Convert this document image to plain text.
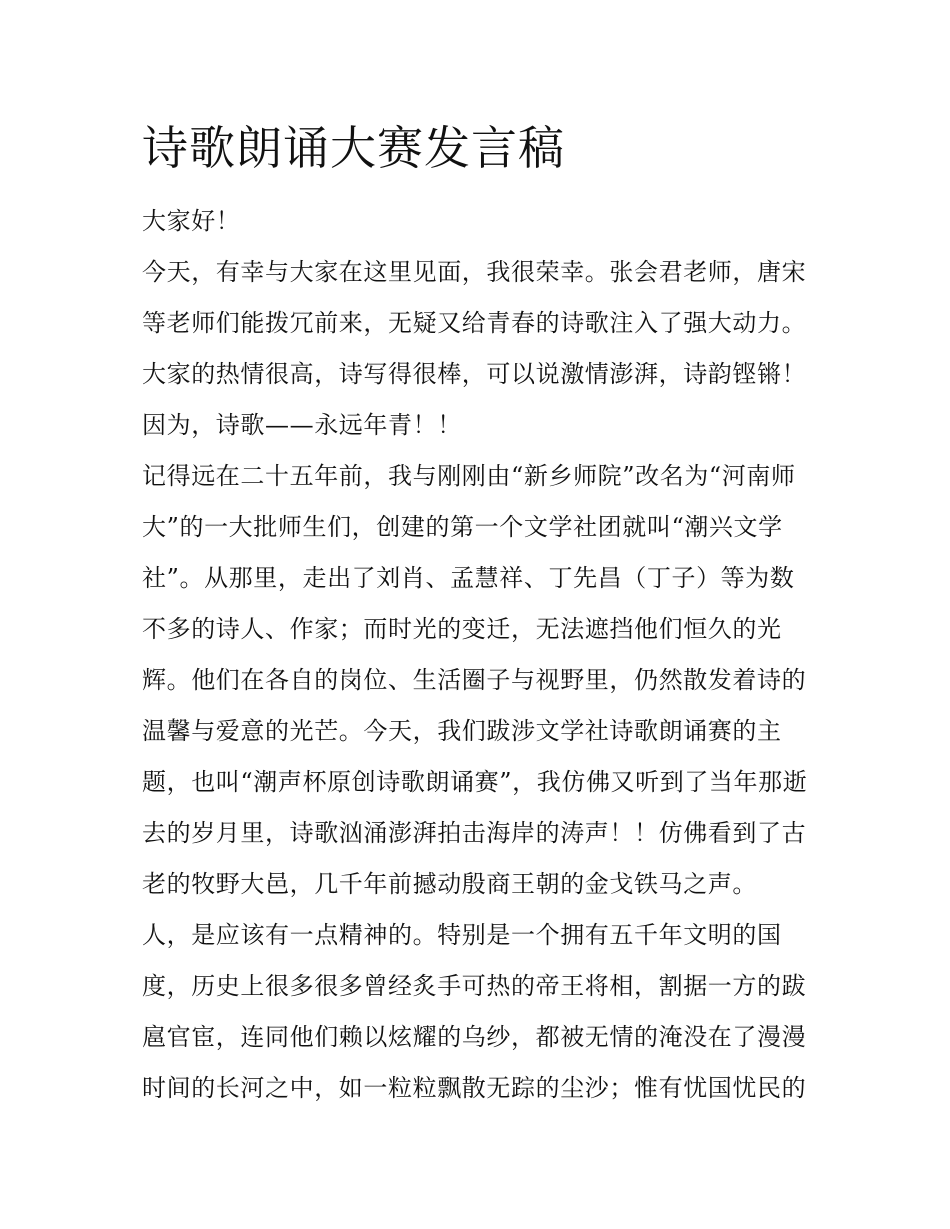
诗歌朗诵大赛发言稿
大家好！
今天，有幸与大家在这里见面，我很荣幸。张会君老师，唐宋
等老师们能拨冗前来，无疑又给青春的诗歌注入了强大动力。
大家的热情很高，诗写得很棒，可以说激情澎湃，诗韵铿锵！
因为，诗歌——永远年青！！
记得远在二十五年前，我与刚刚由“新乡师院”改名为“河南师
大”的一大批师生们，创建的第一个文学社团就叫“潮兴文学
社”。从那里，走出了刘肖、孟慧祥、丁先昌（丁子）等为数
不多的诗人、作家；而时光的变迁，无法遮挡他们恒久的光
辉。他们在各自的岗位、生活圈子与视野里，仍然散发着诗的
温馨与爱意的光芒。今天，我们跋涉文学社诗歌朗诵赛的主
题，也叫“潮声杯原创诗歌朗诵赛”，我仿佛又听到了当年那逝
去的岁月里，诗歌汹涌澎湃拍击海岸的涛声！！仿佛看到了古
老的牧野大邑，几千年前撼动殷商王朝的金戈铁马之声。
人，是应该有一点精神的。特别是一个拥有五千年文明的国
度，历史上很多很多曾经炙手可热的帝王将相，割据一方的跋
扈官宦，连同他们赖以炫耀的乌纱，都被无情的淹没在了漫漫
时间的长河之中，如一粒粒飘散无踪的尘沙；惟有忧国忧民的
